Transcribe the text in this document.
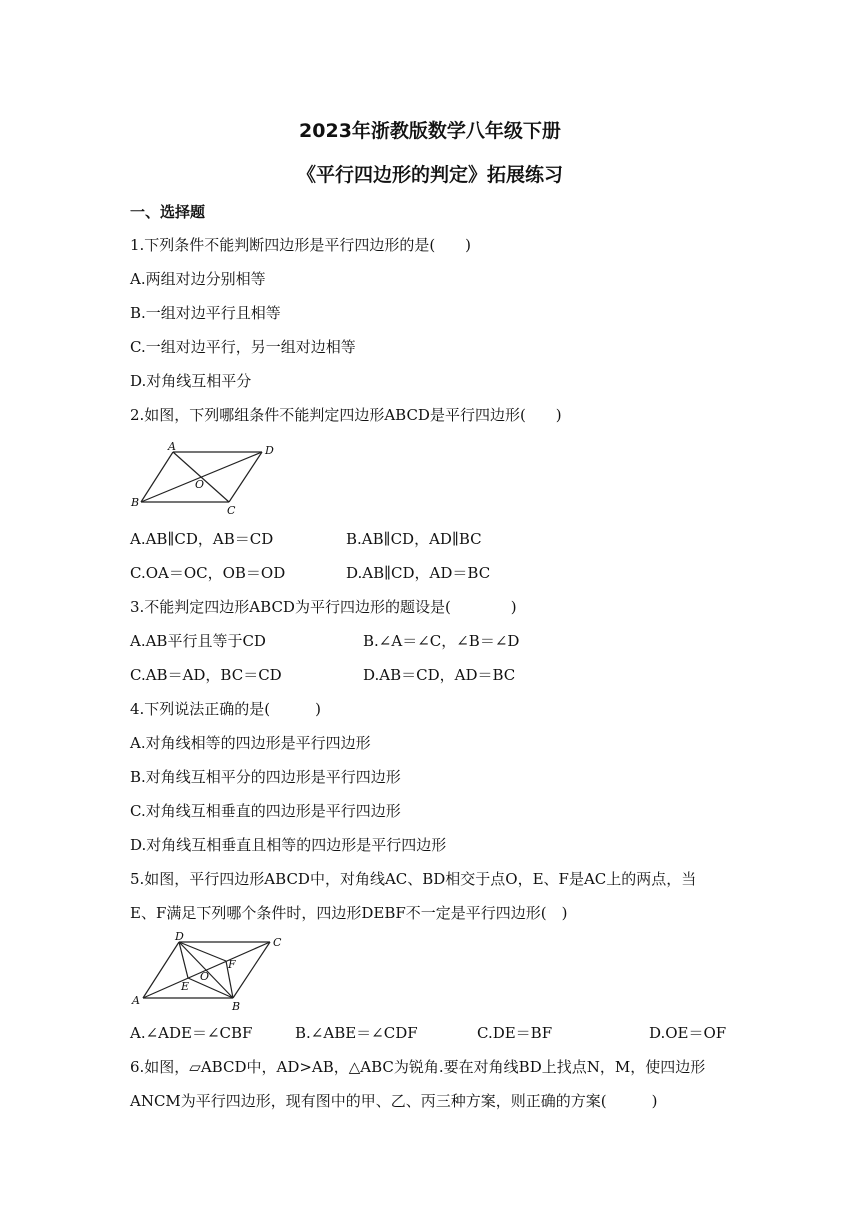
2023年浙教版数学八年级下册
《平行四边形的判定》拓展练习
一、选择题
1.下列条件不能判断四边形是平行四边形的是(　　)
A.两组对边分别相等
B.一组对边平行且相等
C.一组对边平行，另一组对边相等
D.对角线互相平分
2.如图，下列哪组条件不能判定四边形ABCD是平行四边形(　　)
A
B
C
D
O
A.AB∥CD，AB＝CD	B.AB∥CD，AD∥BC
C.OA＝OC，OB＝OD	D.AB∥CD，AD＝BC
3.不能判定四边形ABCD为平行四边形的题设是(　　　　)
A.AB平行且等于CD	B.∠A＝∠C，∠B＝∠D
C.AB＝AD，BC＝CD	D.AB＝CD，AD＝BC
4.下列说法正确的是(　　　)
A.对角线相等的四边形是平行四边形
B.对角线互相平分的四边形是平行四边形
C.对角线互相垂直的四边形是平行四边形
D.对角线互相垂直且相等的四边形是平行四边形
5.如图，平行四边形ABCD中，对角线AC、BD相交于点O，E、F是AC上的两点，当
E、F满足下列哪个条件时，四边形DEBF不一定是平行四边形(　)
D
A	B
C
E
F
O
A.∠ADE＝∠CBF	B.∠ABE＝∠CDF	C.DE＝BF	D.OE＝OF
6.如图，▱ABCD中，AD>AB，△ABC为锐角.要在对角线BD上找点N，M，使四边形
ANCM为平行四边形，现有图中的甲、乙、丙三种方案，则正确的方案(　　　)
